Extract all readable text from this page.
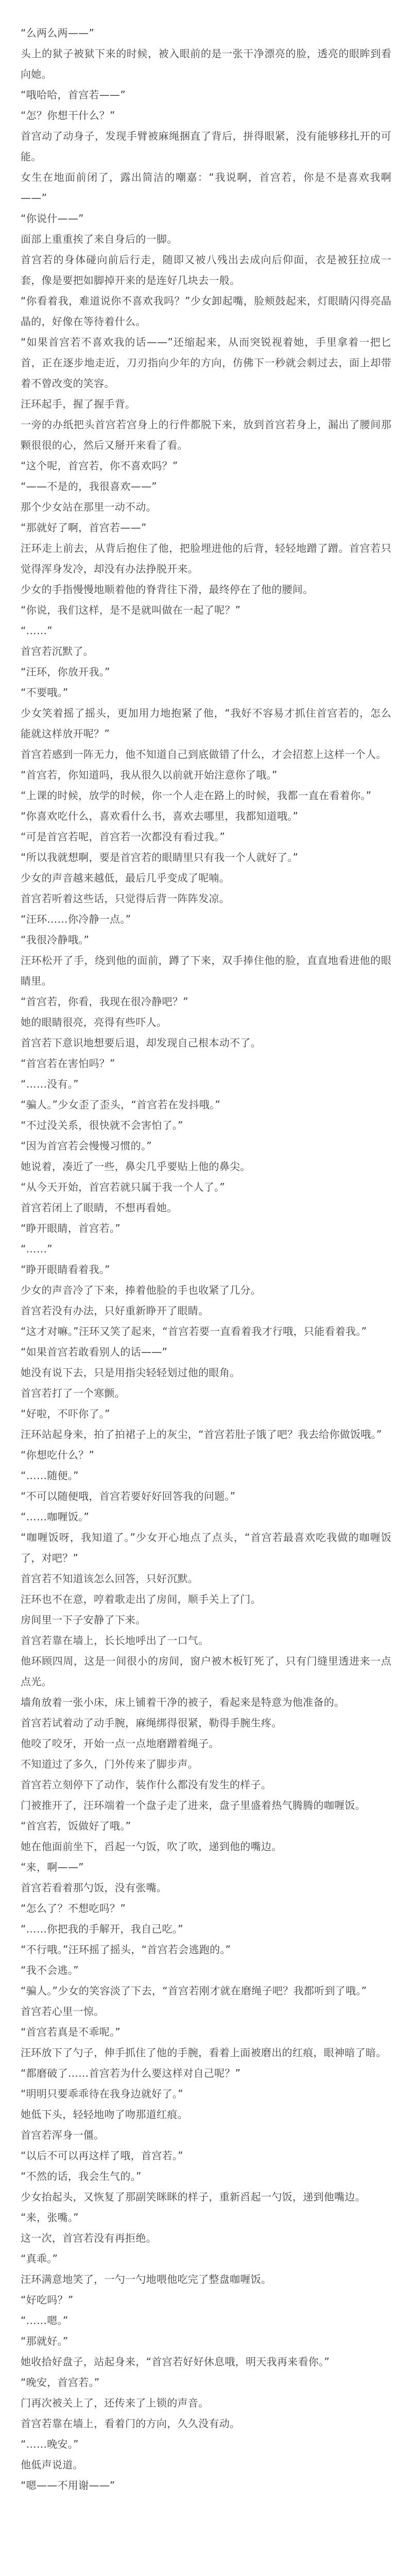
“么两么两——”

头上的狱子被狱下来的时候，被入眼前的是一张干净漂亮的脸，透亮的眼眸到看向她。

“哦哈哈，首宫若——”

“怎？你想干什么？”

首宫动了动身子，发现手臂被麻绳捆直了背后，拼得眼紧，没有能够移扎开的可能。

女生在地面前闭了，露出简洁的嘲嘉：“我说啊，首宫若，你是不是喜欢我啊——”

“你说什——”

面部上重重挨了来自身后的一脚。

首宫若的身体碰向前后行走，随即又被八残出去成向后仰面，衣是被狂拉成一套，像是要把如脚掉开来的是连好几块去一般。

“你看着我，难道说你不喜欢我吗？”少女卸起嘴，脸颊鼓起来，灯眼睛闪得亮晶晶的，好像在等待着什么。

“如果首宫若不喜欢我的话——”还缩起来，从而突锐视着她，手里拿着一把匕首，正在逐步地走近，刀刃指向少年的方向，仿佛下一秒就会刺过去，面上却带着不曾改变的笑容。

汪环起手，握了握手背。

一旁的办纸把头首宫若宫身上的行件都脱下来，放到首宫若身上，漏出了腰间那颗很很的心，然后又掰开来看了看。

“这个呢，首宫若，你不喜欢吗？”

“——不是的，我很喜欢——”

那个少女站在那里一动不动。

“那就好了啊，首宫若——”

汪环走上前去，从背后抱住了他，把脸埋进他的后背，轻轻地蹭了蹭。首宫若只觉得浑身发冷，却没有办法挣脱开来。

少女的手指慢慢地顺着他的脊背往下滑，最终停在了他的腰间。

“你说，我们这样，是不是就叫做在一起了呢？”

“……”

首宫若沉默了。

“汪环，你放开我。”

“不要哦。”

少女笑着摇了摇头，更加用力地抱紧了他，“我好不容易才抓住首宫若的，怎么能就这样放开呢？”

首宫若感到一阵无力，他不知道自己到底做错了什么，才会招惹上这样一个人。

“首宫若，你知道吗，我从很久以前就开始注意你了哦。”

“上课的时候，放学的时候，你一个人走在路上的时候，我都一直在看着你。”

“你喜欢吃什么，喜欢看什么书，喜欢去哪里，我都知道哦。”

“可是首宫若呢，首宫若一次都没有看过我。”

“所以我就想啊，要是首宫若的眼睛里只有我一个人就好了。”

少女的声音越来越低，最后几乎变成了呢喃。

首宫若听着这些话，只觉得后背一阵阵发凉。

“汪环……你冷静一点。”

“我很冷静哦。”

汪环松开了手，绕到他的面前，蹲了下来，双手捧住他的脸，直直地看进他的眼睛里。

“首宫若，你看，我现在很冷静吧？”

她的眼睛很亮，亮得有些吓人。

首宫若下意识地想要后退，却发现自己根本动不了。

“首宫若在害怕吗？”

“……没有。”

“骗人。”少女歪了歪头，“首宫若在发抖哦。”

“不过没关系，很快就不会害怕了。”

“因为首宫若会慢慢习惯的。”

她说着，凑近了一些，鼻尖几乎要贴上他的鼻尖。

“从今天开始，首宫若就只属于我一个人了。”

首宫若闭上了眼睛，不想再看她。

“睁开眼睛，首宫若。”

“……”

“睁开眼睛看着我。”

少女的声音冷了下来，捧着他脸的手也收紧了几分。

首宫若没有办法，只好重新睁开了眼睛。

“这才对嘛。”汪环又笑了起来，“首宫若要一直看着我才行哦，只能看着我。”

“如果首宫若敢看别人的话——”

她没有说下去，只是用指尖轻轻划过他的眼角。

首宫若打了一个寒颤。

“好啦，不吓你了。”

汪环站起身来，拍了拍裙子上的灰尘，“首宫若肚子饿了吧？我去给你做饭哦。”

“你想吃什么？”

“……随便。”

“不可以随便哦，首宫若要好好回答我的问题。”

“……咖喱饭。”

“咖喱饭呀，我知道了。”少女开心地点了点头，“首宫若最喜欢吃我做的咖喱饭了，对吧？”

首宫若不知道该怎么回答，只好沉默。

汪环也不在意，哼着歌走出了房间，顺手关上了门。

房间里一下子安静了下来。

首宫若靠在墙上，长长地呼出了一口气。

他环顾四周，这是一间很小的房间，窗户被木板钉死了，只有门缝里透进来一点点光。

墙角放着一张小床，床上铺着干净的被子，看起来是特意为他准备的。

首宫若试着动了动手腕，麻绳绑得很紧，勒得手腕生疼。

他咬了咬牙，开始一点一点地磨蹭着绳子。

不知道过了多久，门外传来了脚步声。

首宫若立刻停下了动作，装作什么都没有发生的样子。

门被推开了，汪环端着一个盘子走了进来，盘子里盛着热气腾腾的咖喱饭。

“首宫若，饭做好了哦。”

她在他面前坐下，舀起一勺饭，吹了吹，递到他的嘴边。

“来，啊——”

首宫若看着那勺饭，没有张嘴。

“怎么了？不想吃吗？”

“……你把我的手解开，我自己吃。”

“不行哦。”汪环摇了摇头，“首宫若会逃跑的。”

“我不会逃。”

“骗人。”少女的笑容淡了下去，“首宫若刚才就在磨绳子吧？我都听到了哦。”

首宫若心里一惊。

“首宫若真是不乖呢。”

汪环放下了勺子，伸手抓住了他的手腕，看着上面被磨出的红痕，眼神暗了暗。

“都磨破了……首宫若为什么要这样对自己呢？”

“明明只要乖乖待在我身边就好了。”

她低下头，轻轻地吻了吻那道红痕。

首宫若浑身一僵。

“以后不可以再这样了哦，首宫若。”

“不然的话，我会生气的。”

少女抬起头，又恢复了那副笑眯眯的样子，重新舀起一勺饭，递到他嘴边。

“来，张嘴。”

这一次，首宫若没有再拒绝。

“真乖。”

汪环满意地笑了，一勺一勺地喂他吃完了整盘咖喱饭。

“好吃吗？”

“……嗯。”

“那就好。”

她收拾好盘子，站起身来，“首宫若好好休息哦，明天我再来看你。”

“晚安，首宫若。”

门再次被关上了，还传来了上锁的声音。

首宫若靠在墙上，看着门的方向，久久没有动。

“……晚安。”

他低声说道。

“嗯——不用谢——”
